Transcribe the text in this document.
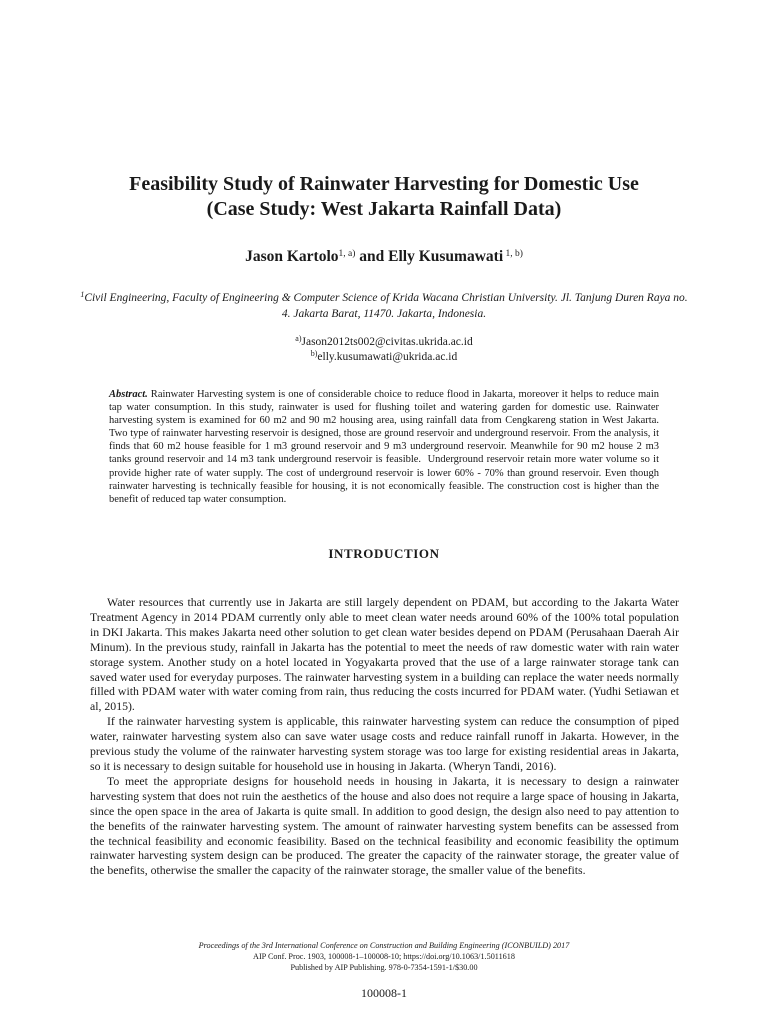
Feasibility Study of Rainwater Harvesting for Domestic Use
(Case Study: West Jakarta Rainfall Data)
Jason Kartolo$^{1, a)}$ and Elly Kusumawati $^{1, b)}$
$^1$Civil Engineering, Faculty of Engineering & Computer Science of Krida Wacana Christian University. Jl. Tanjung Duren Raya no. 4. Jakarta Barat, 11470. Jakarta, Indonesia.
$^{a)}$Jason2012ts002@civitas.ukrida.ac.id
$^{b)}$elly.kusumawati@ukrida.ac.id
Abstract. Rainwater Harvesting system is one of considerable choice to reduce flood in Jakarta, moreover it helps to reduce main tap water consumption. In this study, rainwater is used for flushing toilet and watering garden for domestic use. Rainwater harvesting system is examined for 60 m2 and 90 m2 housing area, using rainfall data from Cengkareng station in West Jakarta. Two type of rainwater harvesting reservoir is designed, those are ground reservoir and underground reservoir. From the analysis, it finds that 60 m2 house feasible for 1 m3 ground reservoir and 9 m3 underground reservoir. Meanwhile for 90 m2 house 2 m3 tanks ground reservoir and 14 m3 tank underground reservoir is feasible.  Underground reservoir retain more water volume so it provide higher rate of water supply. The cost of underground reservoir is lower 60% - 70% than ground reservoir. Even though rainwater harvesting is technically feasible for housing, it is not economically feasible. The construction cost is higher than the benefit of reduced tap water consumption.
INTRODUCTION

Water resources that currently use in Jakarta are still largely dependent on PDAM, but according to the Jakarta Water Treatment Agency in 2014 PDAM currently only able to meet clean water needs around 60% of the 100% total population in DKI Jakarta. This makes Jakarta need other solution to get clean water besides depend on PDAM (Perusahaan Daerah Air Minum). In the previous study, rainfall in Jakarta has the potential to meet the needs of raw domestic water with rain water storage system. Another study on a hotel located in Yogyakarta proved that the use of a large rainwater storage tank can saved water used for everyday purposes. The rainwater harvesting system in a building can replace the water needs normally filled with PDAM water with water coming from rain, thus reducing the costs incurred for PDAM water. (Yudhi Setiawan et al, 2015).

If the rainwater harvesting system is applicable, this rainwater harvesting system can reduce the consumption of piped water, rainwater harvesting system also can save water usage costs and reduce rainfall runoff in Jakarta. However, in the previous study the volume of the rainwater harvesting system storage was too large for existing residential areas in Jakarta, so it is necessary to design suitable for household use in housing in Jakarta. (Wheryn Tandi, 2016).

To meet the appropriate designs for household needs in housing in Jakarta, it is necessary to design a rainwater harvesting system that does not ruin the aesthetics of the house and also does not require a large space of housing in Jakarta, since the open space in the area of Jakarta is quite small. In addition to good design, the design also need to pay attention to the benefits of the rainwater harvesting system. The amount of rainwater harvesting system benefits can be assessed from the technical feasibility and economic feasibility. Based on the technical feasibility and economic feasibility the optimum rainwater harvesting system design can be produced. The greater the capacity of the rainwater storage, the greater value of the benefits, otherwise the smaller the capacity of the rainwater storage, the smaller value of the benefits.

Proceedings of the 3rd International Conference on Construction and Building Engineering (ICONBUILD) 2017
AIP Conf. Proc. 1903, 100008-1–100008-10; https://doi.org/10.1063/1.5011618
Published by AIP Publishing. 978-0-7354-1591-1/$30.00
100008-1
